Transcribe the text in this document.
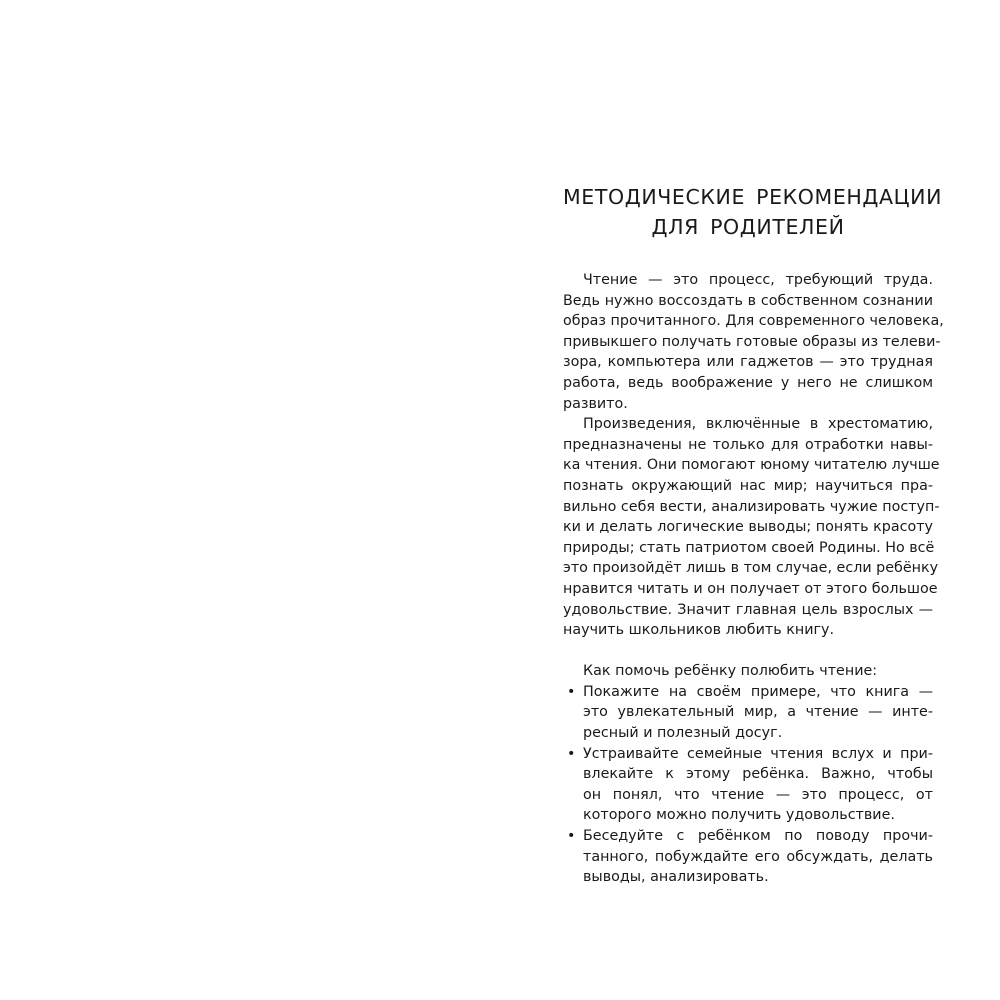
МЕТОДИЧЕСКИЕ РЕКОМЕНДАЦИИ
ДЛЯ РОДИТЕЛЕЙ

Чтение — это процесс, требующий труда.
Ведь нужно воссоздать в собственном сознании
образ прочитанного. Для современного человека,
привыкшего получать готовые образы из телеви-
зора, компьютера или гаджетов — это трудная
работа, ведь воображение у него не слишком
развито.

Произведения, включённые в хрестоматию,
предназначены не только для отработки навы-
ка чтения. Они помогают юному читателю лучше
познать окружающий нас мир; научиться пра-
вильно себя вести, анализировать чужие поступ-
ки и делать логические выводы; понять красоту
природы; стать патриотом своей Родины. Но всё
это произойдёт лишь в том случае, если ребёнку
нравится читать и он получает от этого большое
удовольствие. Значит главная цель взрослых —
научить школьников любить книгу.

Как помочь ребёнку полюбить чтение:
• Покажите на своём примере, что книга —
это увлекательный мир, а чтение — инте-
ресный и полезный досуг.
• Устраивайте семейные чтения вслух и при-
влекайте к этому ребёнка. Важно, чтобы
он понял, что чтение — это процесс, от
которого можно получить удовольствие.
• Беседуйте с ребёнком по поводу прочи-
танного, побуждайте его обсуждать, делать
выводы, анализировать.
